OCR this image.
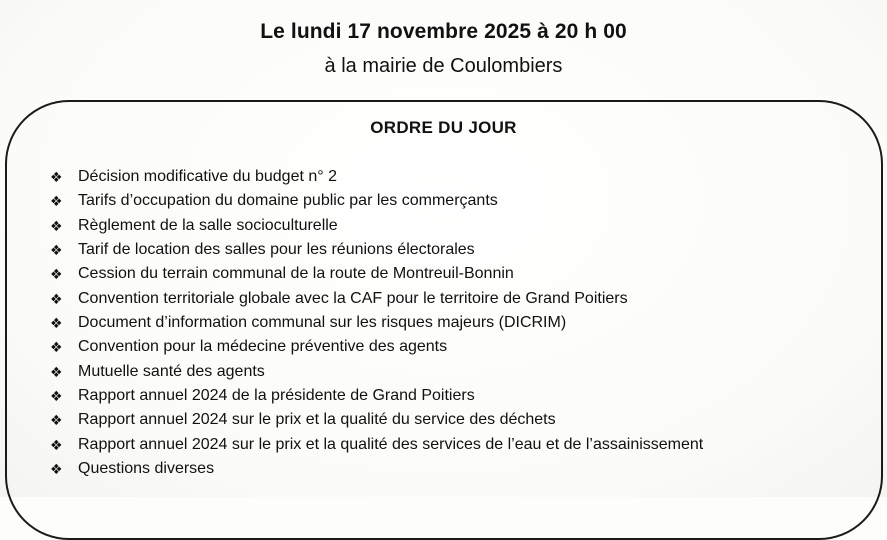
Le lundi 17 novembre 2025 à 20 h 00
à la mairie de Coulombiers
ORDRE DU JOUR
❖ Décision modificative du budget n° 2
❖ Tarifs d’occupation du domaine public par les commerçants
❖ Règlement de la salle socioculturelle
❖ Tarif de location des salles pour les réunions électorales
❖ Cession du terrain communal de la route de Montreuil-Bonnin
❖ Convention territoriale globale avec la CAF pour le territoire de Grand Poitiers
❖ Document d’information communal sur les risques majeurs (DICRIM)
❖ Convention pour la médecine préventive des agents
❖ Mutuelle santé des agents
❖ Rapport annuel 2024 de la présidente de Grand Poitiers
❖ Rapport annuel 2024 sur le prix et la qualité du service des déchets
❖ Rapport annuel 2024 sur le prix et la qualité des services de l’eau et de l’assainissement
❖ Questions diverses
